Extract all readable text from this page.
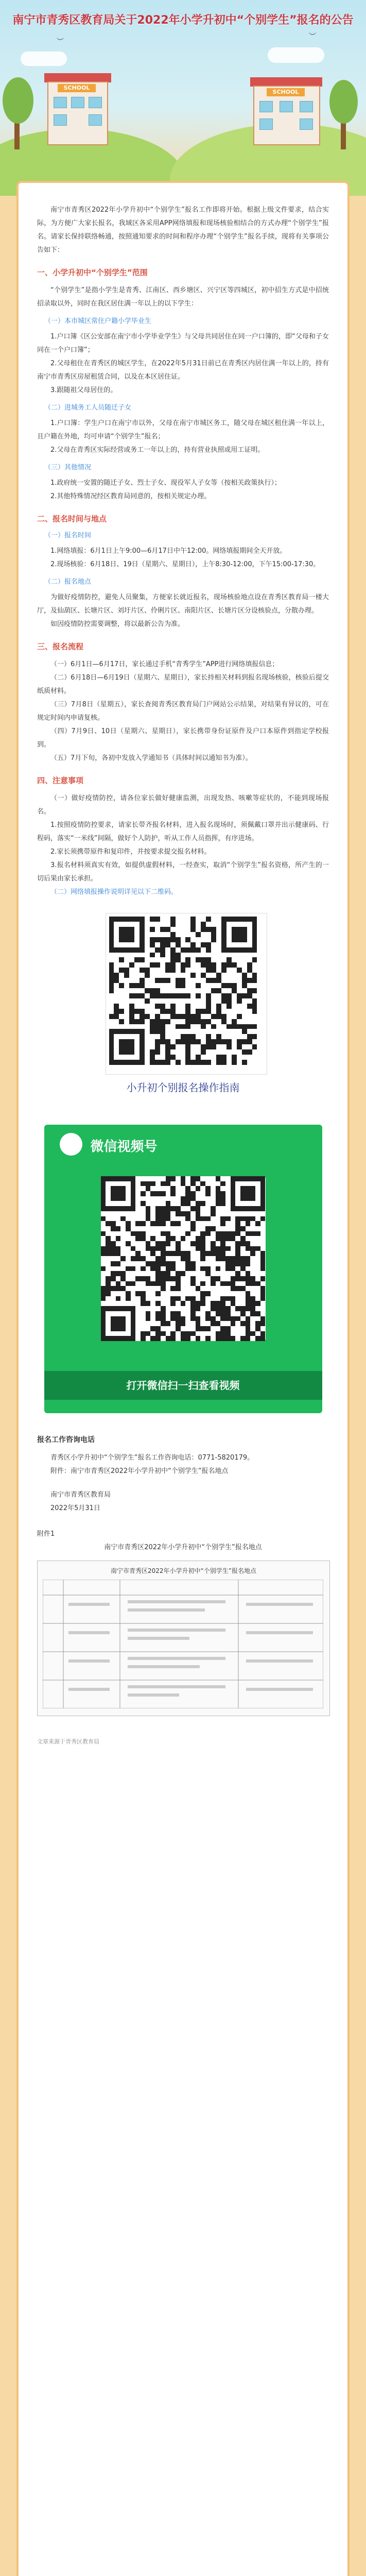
南宁市青秀区教育局关于2022年小学升初中“个别学生”报名的公告
︶
︶
SCHOOL
SCHOOL

南宁市青秀区2022年小学升初中“个别学生”报名工作即将开始。根据上级文件要求，结合实际，为方便广大家长报名，我域区各采用APP网络填报和现场核验相结合的方式办理“个别学生”报名。请家长保持联络畅通，按照通知要求的时间和程序办理“个别学生”报名手续，现将有关事项公告如下：

一、小学升初中“个别学生”范围

“个别学生”是指小学生是青秀、江南区、西乡塘区、兴宁区等四城区，初中招生方式是中招统招录取以外，同时在我区居住满一年以上的以下学生：

（一）本市城区常住户籍小学毕业生

1.户口簿《区公安部在南宁市小学毕业学生》与父母共同居住在同一户口簿的，即“父母和子女同在一个户口簿”；

2.父母租住在青秀区的城区学生，在2022年5月31日前已在青秀区内居住满一年以上的，持有南宁市青秀区房屋租赁合同，以及在本区居住证。

3.跟随祖父母居住的。

（二）进城务工人员随迁子女

1.户口簿：学生户口在南宁市以外，父母在南宁市城区务工，随父母在城区租住满一年以上，且户籍在外地，均可申请“个别学生”报名；

2.父母在青秀区实际经营或务工一年以上的，持有营业执照或用工证明。

（三）其他情况

1.政府统一安置的随迁子女、烈士子女、现役军人子女等（按相关政策执行）；

2.其他特殊情况经区教育局同意的，按相关规定办理。

二、报名时间与地点
（一）报名时间

1.网络填报：6月1日上午9:00—6月17日中午12:00。网络填报期间全天开放。

2.现场核验：6月18日、19日（星期六、星期日），上午8:30-12:00，下午15:00-17:30。

（二）报名地点

为做好疫情防控，避免人员聚集，方便家长就近报名，现场核验地点设在青秀区教育局一楼大厅，及仙葫区、长塘片区、刘圩片区、伶俐片区、南阳片区、长塘片区分设核验点，分散办理。

如因疫情防控需要调整，将以最新公告为准。

三、报名流程

（一）6月1日—6月17日，家长通过手机“青秀学生”APP进行网络填报信息；

（二）6月18日—6月19日（星期六、星期日），家长持相关材料到报名现场核验，核验后提交纸质材料。

（三）7月8日（星期五），家长查阅青秀区教育局门户网站公示结果，对结果有异议的，可在规定时间内申请复核。

（四）7月9日、10日（星期六、星期日），家长携带身份证原件及户口本原件到指定学校报到。

（五）7月下旬，各初中发放入学通知书（具体时间以通知书为准）。

四、注意事项

（一）做好疫情防控，请各位家长做好健康监测，出现发热、咳嗽等症状的，不能到现场报名。

1.按照疫情防控要求，请家长带齐报名材料，进入报名现场时，须佩戴口罩并出示健康码、行程码，落实“一米线”间隔，做好个人防护，听从工作人员指挥，有序进场。

2.家长须携带原件和复印件，并按要求提交报名材料。

3.报名材料须真实有效，如提供虚假材料，一经查实，取消“个别学生”报名资格，所产生的一切后果由家长承担。

（二）网络填报操作说明详见以下二维码。

小升初个别报名操作指南
微信视频号
打开微信扫一扫查看视频
报名工作咨询电话

青秀区小学升初中“个别学生”报名工作咨询电话：0771-5820179。

附件：南宁市青秀区2022年小学升初中“个别学生”报名地点

南宁市青秀区教育局

2022年5月31日

附件1

南宁市青秀区2022年小学升初中“个别学生”报名地点

南宁市青秀区2022年小学升初中“个别学生”报名地点
文章来源于青秀区教育局
